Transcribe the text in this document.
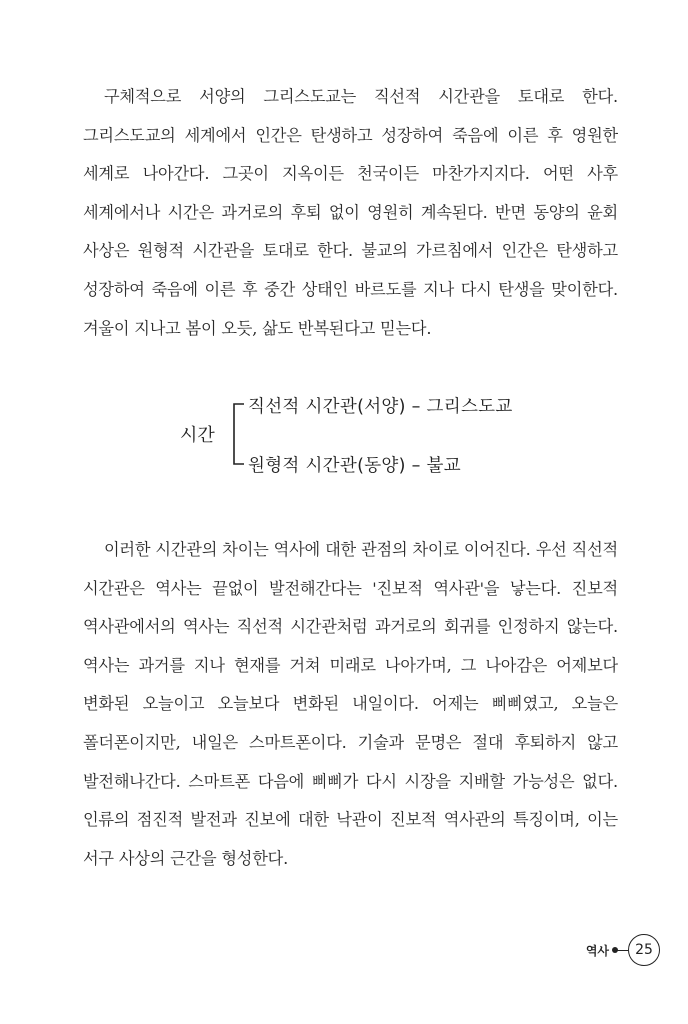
구체적으로 서양의 그리스도교는 직선적 시간관을 토대로 한다. 그리스도교의 세계에서 인간은 탄생하고 성장하여 죽음에 이른 후 영원한 세계로 나아간다. 그곳이 지옥이든 천국이든 마찬가지지다. 어떤 사후 세계에서나 시간은 과거로의 후퇴 없이 영원히 계속된다. 반면 동양의 윤회 사상은 원형적 시간관을 토대로 한다. 불교의 가르침에서 인간은 탄생하고 성장하여 죽음에 이른 후 중간 상태인 바르도를 지나 다시 탄생을 맞이한다. 겨울이 지나고 봄이 오듯, 삶도 반복된다고 믿는다.

시간
직선적 시간관(서양) – 그리스도교
원형적 시간관(동양) – 불교

이러한 시간관의 차이는 역사에 대한 관점의 차이로 이어진다. 우선 직선적 시간관은 역사는 끝없이 발전해간다는 '진보적 역사관'을 낳는다. 진보적 역사관에서의 역사는 직선적 시간관처럼 과거로의 회귀를 인정하지 않는다. 역사는 과거를 지나 현재를 거쳐 미래로 나아가며, 그 나아감은 어제보다 변화된 오늘이고 오늘보다 변화된 내일이다. 어제는 삐삐였고, 오늘은 폴더폰이지만, 내일은 스마트폰이다. 기술과 문명은 절대 후퇴하지 않고 발전해나간다. 스마트폰 다음에 삐삐가 다시 시장을 지배할 가능성은 없다. 인류의 점진적 발전과 진보에 대한 낙관이 진보적 역사관의 특징이며, 이는 서구 사상의 근간을 형성한다.

역사	25
